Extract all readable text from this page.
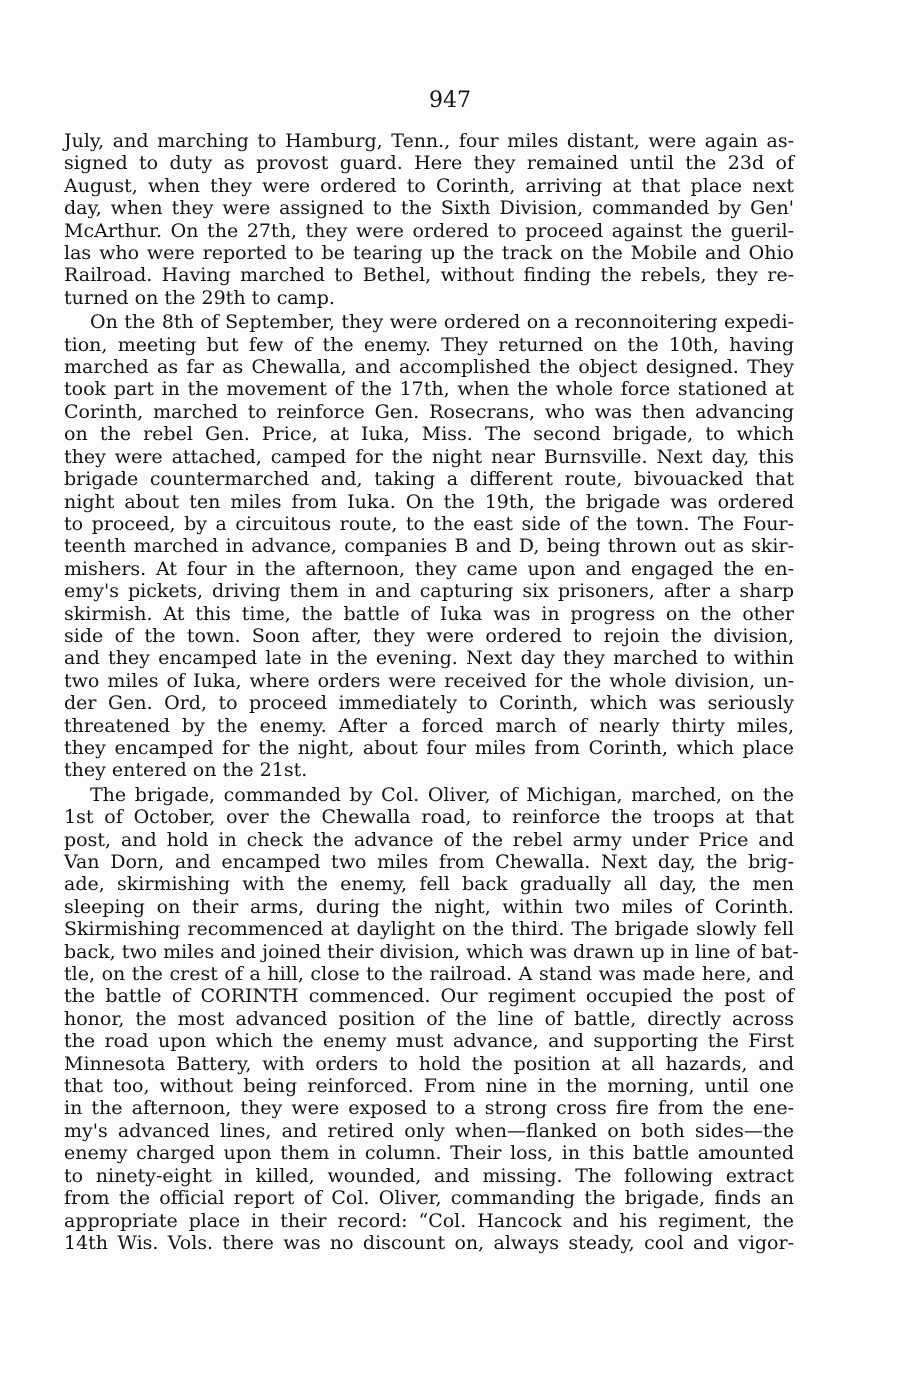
947
July, and marching to Hamburg, Tenn., four miles distant, were again as-
signed to duty as provost guard. Here they remained until the 23d of
August, when they were ordered to Corinth, arriving at that place next
day, when they were assigned to the Sixth Division, commanded by Gen'
McArthur. On the 27th, they were ordered to proceed against the gueril-
las who were reported to be tearing up the track on the Mobile and Ohio
Railroad. Having marched to Bethel, without finding the rebels, they re-
turned on the 29th to camp.
On the 8th of September, they were ordered on a reconnoitering expedi-
tion, meeting but few of the enemy. They returned on the 10th, having
marched as far as Chewalla, and accomplished the object designed. They
took part in the movement of the 17th, when the whole force stationed at
Corinth, marched to reinforce Gen. Rosecrans, who was then advancing
on the rebel Gen. Price, at Iuka, Miss. The second brigade, to which
they were attached, camped for the night near Burnsville. Next day, this
brigade countermarched and, taking a different route, bivouacked that
night about ten miles from Iuka. On the 19th, the brigade was ordered
to proceed, by a circuitous route, to the east side of the town. The Four-
teenth marched in advance, companies B and D, being thrown out as skir-
mishers. At four in the afternoon, they came upon and engaged the en-
emy's pickets, driving them in and capturing six prisoners, after a sharp
skirmish. At this time, the battle of Iuka was in progress on the other
side of the town. Soon after, they were ordered to rejoin the division,
and they encamped late in the evening. Next day they marched to within
two miles of Iuka, where orders were received for the whole division, un-
der Gen. Ord, to proceed immediately to Corinth, which was seriously
threatened by the enemy. After a forced march of nearly thirty miles,
they encamped for the night, about four miles from Corinth, which place
they entered on the 21st.
The brigade, commanded by Col. Oliver, of Michigan, marched, on the
1st of October, over the Chewalla road, to reinforce the troops at that
post, and hold in check the advance of the rebel army under Price and
Van Dorn, and encamped two miles from Chewalla. Next day, the brig-
ade, skirmishing with the enemy, fell back gradually all day, the men
sleeping on their arms, during the night, within two miles of Corinth.
Skirmishing recommenced at daylight on the third. The brigade slowly fell
back, two miles and joined their division, which was drawn up in line of bat-
tle, on the crest of a hill, close to the railroad. A stand was made here, and
the battle of CORINTH commenced. Our regiment occupied the post of
honor, the most advanced position of the line of battle, directly across
the road upon which the enemy must advance, and supporting the First
Minnesota Battery, with orders to hold the position at all hazards, and
that too, without being reinforced. From nine in the morning, until one
in the afternoon, they were exposed to a strong cross fire from the ene-
my's advanced lines, and retired only when—flanked on both sides—the
enemy charged upon them in column. Their loss, in this battle amounted
to ninety-eight in killed, wounded, and missing. The following extract
from the official report of Col. Oliver, commanding the brigade, finds an
appropriate place in their record: “Col. Hancock and his regiment, the
14th Wis. Vols. there was no discount on, always steady, cool and vigor-
